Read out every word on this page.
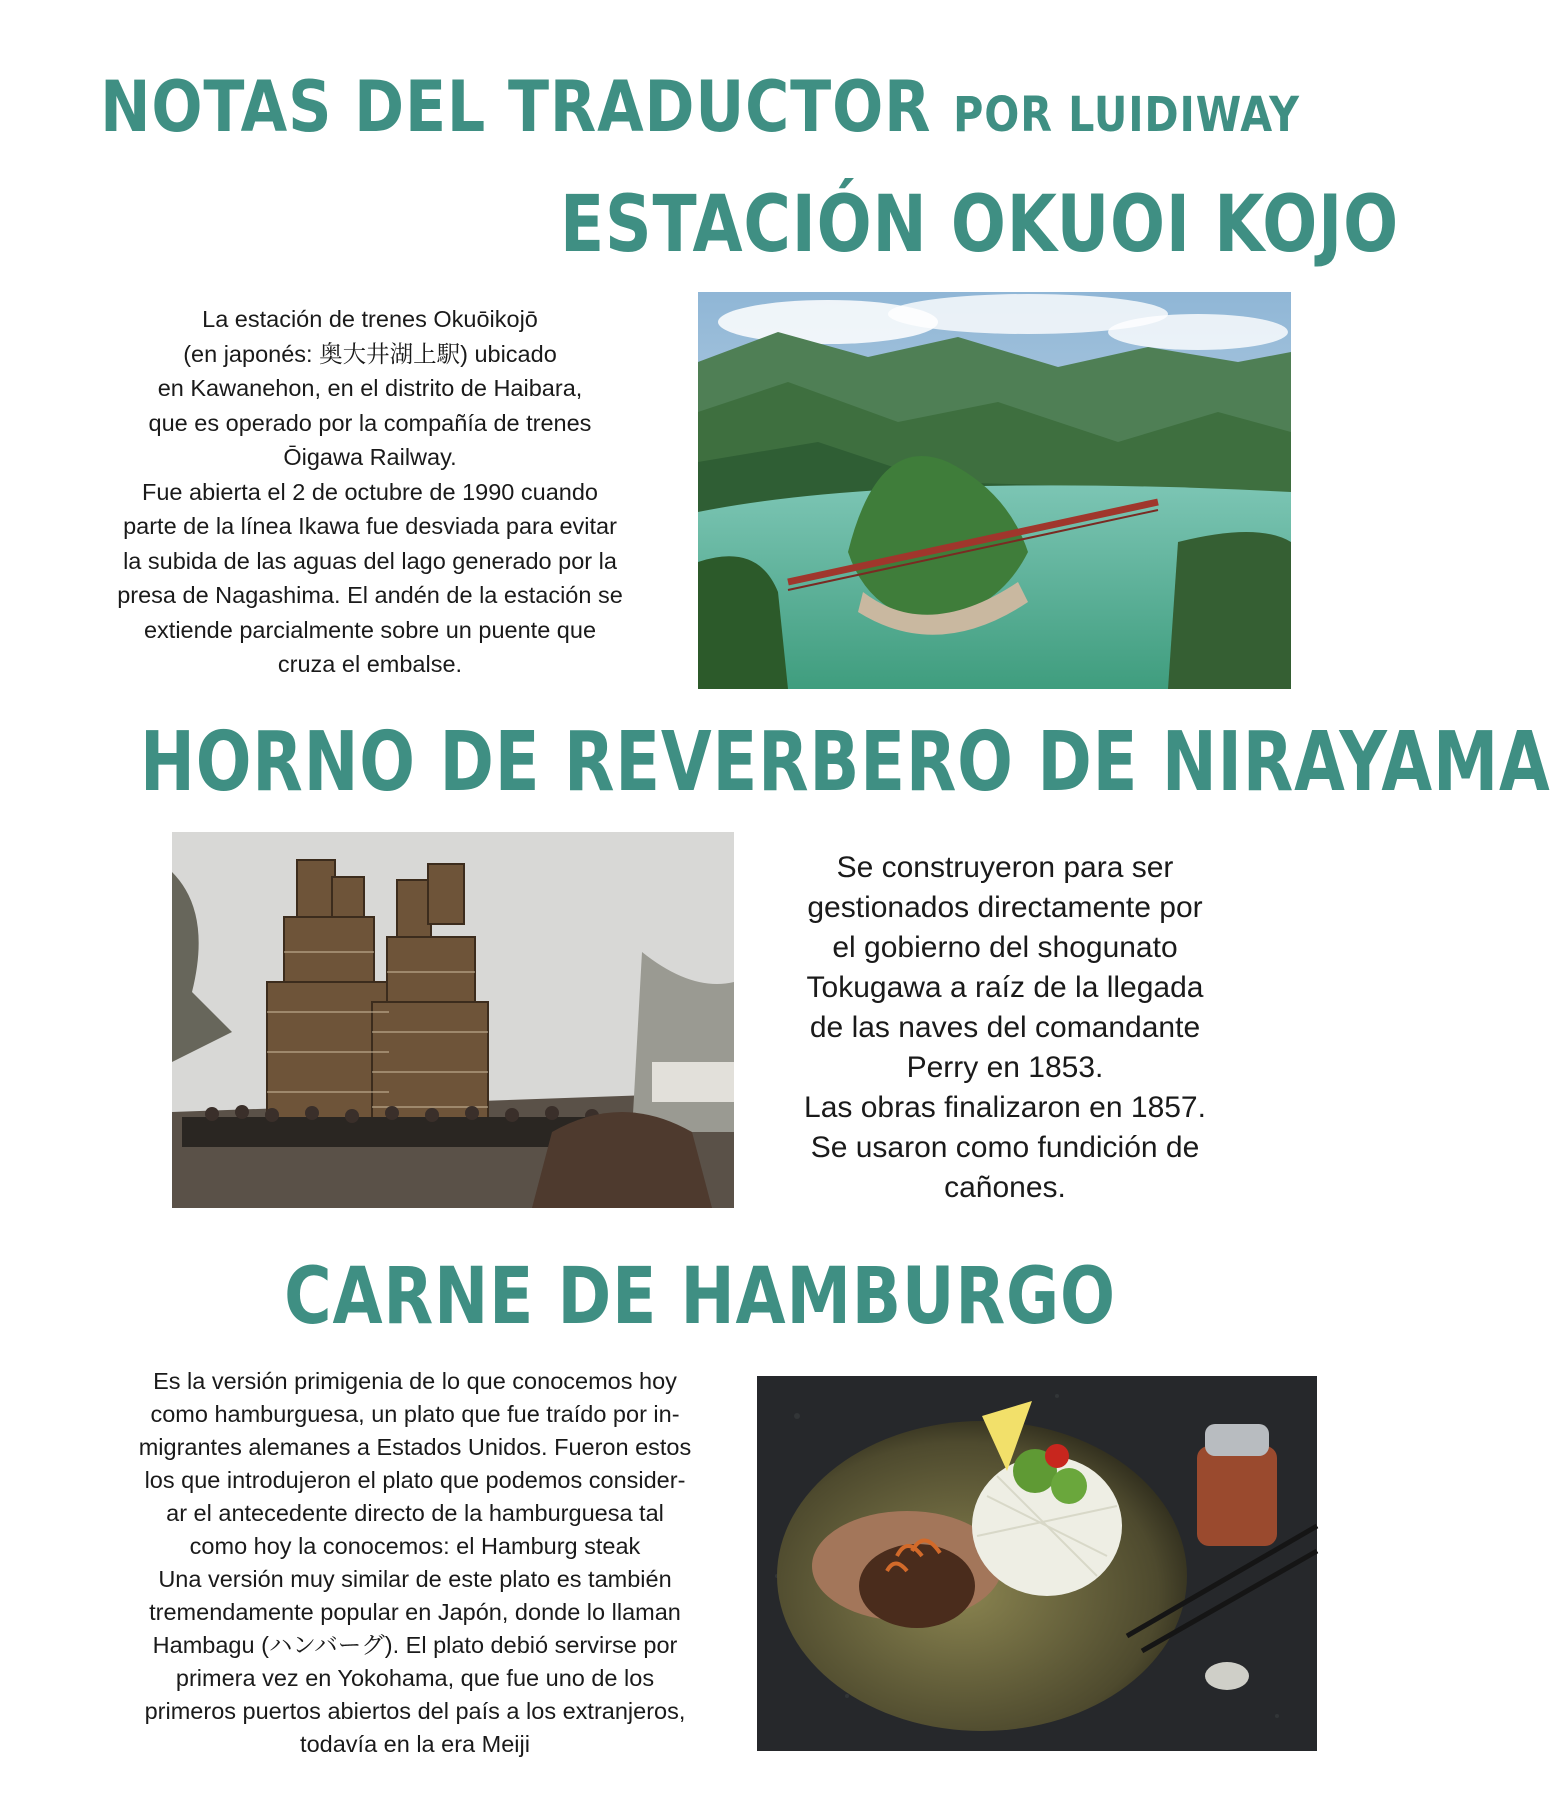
NOTAS DEL TRADUCTOR POR LUIDIWAY
ESTACIÓN OKUOI KOJO

La estación de trenes Okuōikojō

(en japonés: 奥大井湖上駅) ubicado

en Kawanehon, en el distrito de Haibara,

que es operado por la compañía de trenes

Ōigawa Railway.

Fue abierta el 2 de octubre de 1990 cuando

parte de la línea Ikawa fue desviada para evitar

la subida de las aguas del lago generado por la

presa de Nagashima. El andén de la estación se

extiende parcialmente sobre un puente que

cruza el embalse.

HORNO DE REVERBERO DE NIRAYAMA

Se construyeron para ser

gestionados directamente por

el gobierno del shogunato

Tokugawa a raíz de la llegada

de las naves del comandante

Perry en 1853.

Las obras finalizaron en 1857.

Se usaron como fundición de

cañones.

CARNE DE HAMBURGO

Es la versión primigenia de lo que conocemos hoy

como hamburguesa, un plato que fue traído por in-

migrantes alemanes a Estados Unidos. Fueron estos

los que introdujeron el plato que podemos consider-

ar el antecedente directo de la hamburguesa tal

como hoy la conocemos: el Hamburg steak

Una versión muy similar de este plato es también

tremendamente popular en Japón, donde lo llaman

Hambagu (ハンバーグ). El plato debió servirse por

primera vez en Yokohama, que fue uno de los

primeros puertos abiertos del país a los extranjeros,

todavía en la era Meiji
